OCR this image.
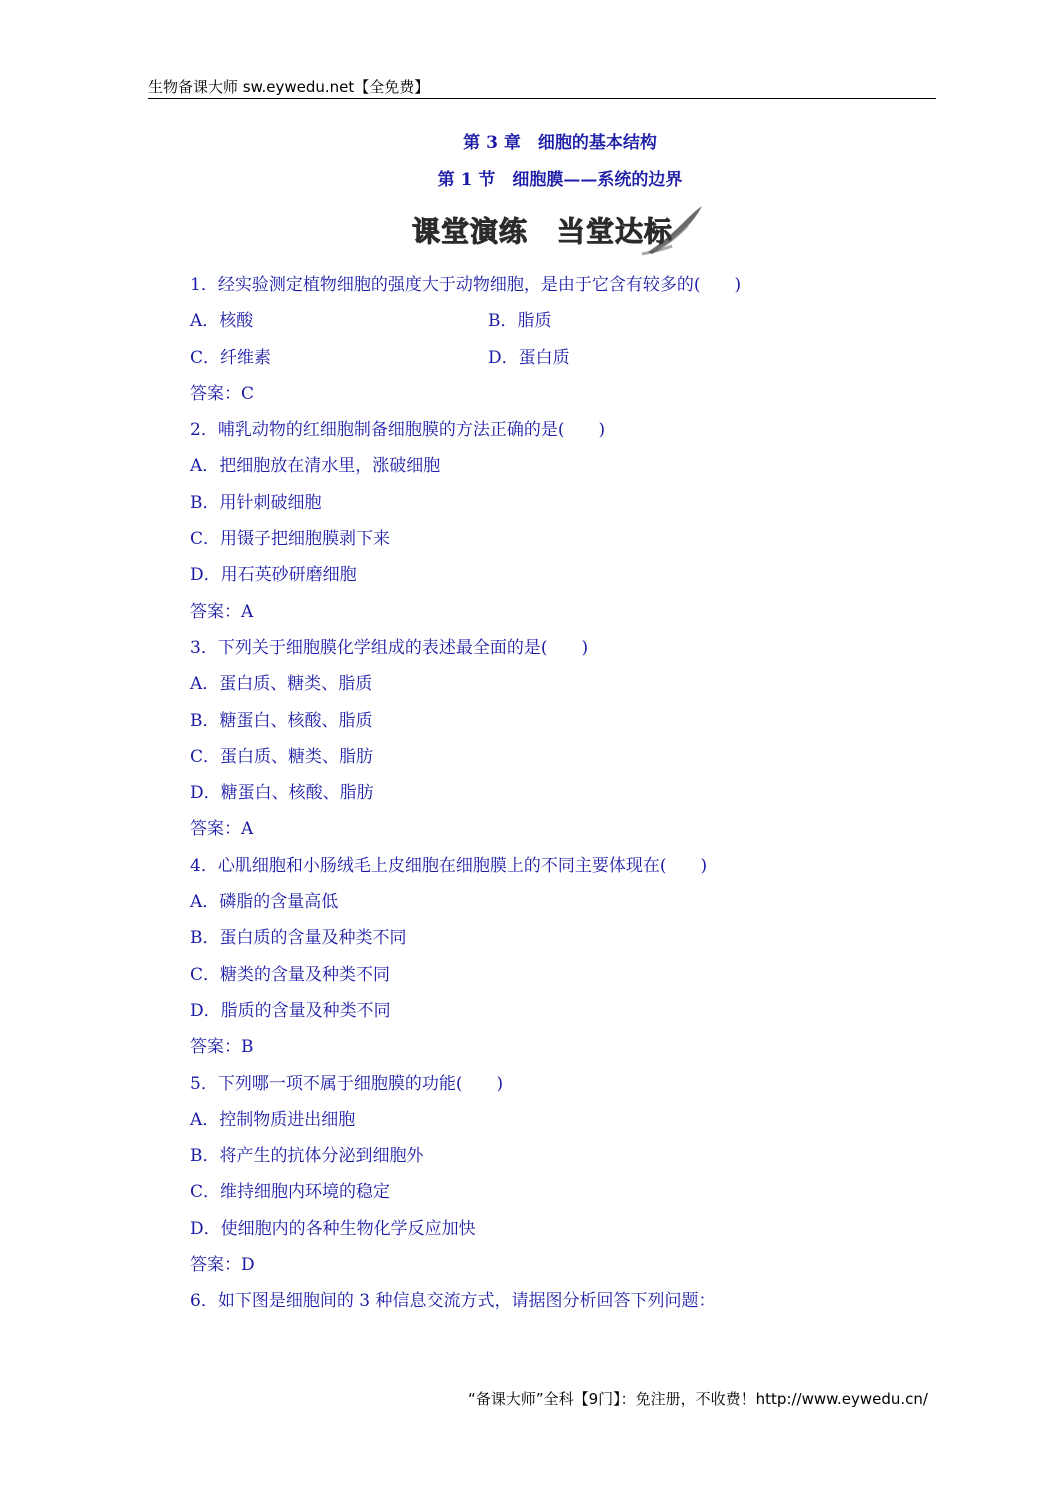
生物备课大师 sw.eywedu.net【全免费】
第 3 章　细胞的基本结构
第 1 节　细胞膜——系统的边界
课堂演练　当堂达标
1．经实验测定植物细胞的强度大于动物细胞，是由于它含有较多的(　　)
A．核酸	B．脂质
C．纤维素	D．蛋白质
答案：C
2．哺乳动物的红细胞制备细胞膜的方法正确的是(　　)
A．把细胞放在清水里，涨破细胞
B．用针刺破细胞
C．用镊子把细胞膜剥下来
D．用石英砂研磨细胞
答案：A
3．下列关于细胞膜化学组成的表述最全面的是(　　)
A．蛋白质、糖类、脂质
B．糖蛋白、核酸、脂质
C．蛋白质、糖类、脂肪
D．糖蛋白、核酸、脂肪
答案：A
4．心肌细胞和小肠绒毛上皮细胞在细胞膜上的不同主要体现在(　　)
A．磷脂的含量高低
B．蛋白质的含量及种类不同
C．糖类的含量及种类不同
D．脂质的含量及种类不同
答案：B
5．下列哪一项不属于细胞膜的功能(　　)
A．控制物质进出细胞
B．将产生的抗体分泌到细胞外
C．维持细胞内环境的稳定
D．使细胞内的各种生物化学反应加快
答案：D
6．如下图是细胞间的 3 种信息交流方式，请据图分析回答下列问题：
“备课大师”全科【9门】：免注册，不收费！http://www.eywedu.cn/
